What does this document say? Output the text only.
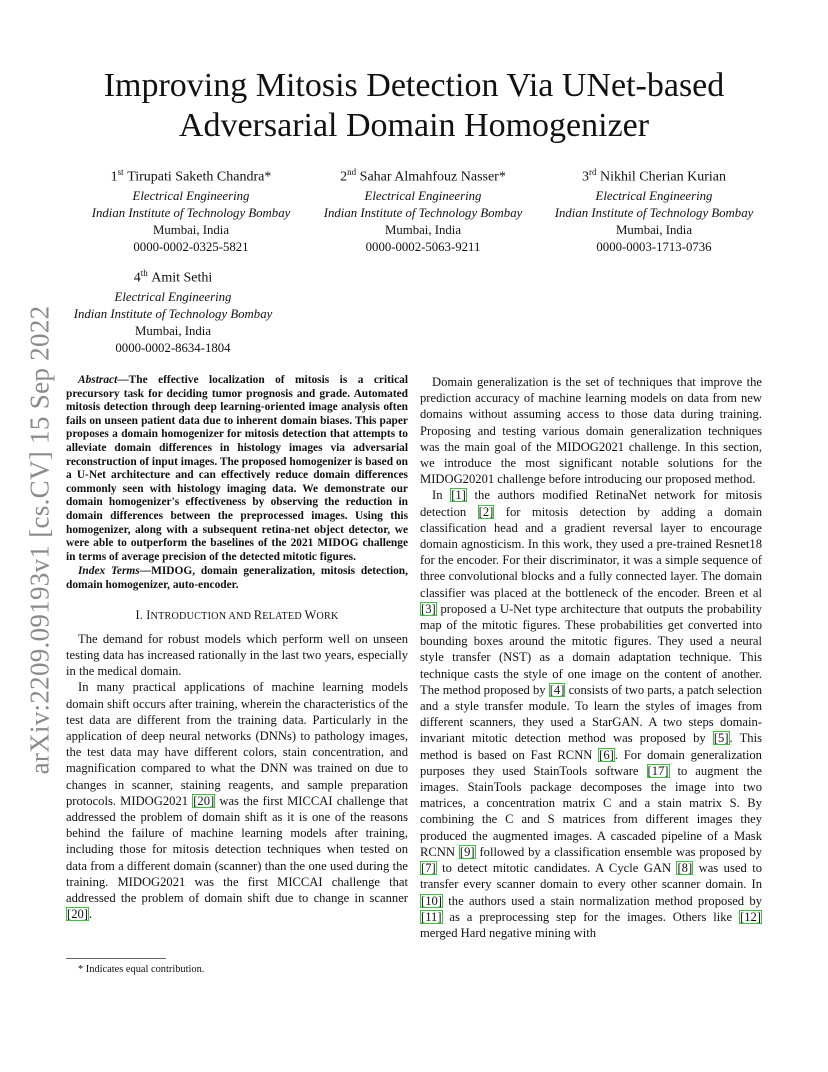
arXiv:2209.09193v1 [cs.CV] 15 Sep 2022
Improving Mitosis Detection Via UNet-based
Adversarial Domain Homogenizer
1st Tirupati Saketh Chandra*
Electrical Engineering
Indian Institute of Technology Bombay
Mumbai, India
0000-0002-0325-5821
2nd Sahar Almahfouz Nasser*
Electrical Engineering
Indian Institute of Technology Bombay
Mumbai, India
0000-0002-5063-9211
3rd Nikhil Cherian Kurian
Electrical Engineering
Indian Institute of Technology Bombay
Mumbai, India
0000-0003-1713-0736
4th Amit Sethi
Electrical Engineering
Indian Institute of Technology Bombay
Mumbai, India
0000-0002-8634-1804

Abstract—The effective localization of mitosis is a critical precursory task for deciding tumor prognosis and grade. Automated mitosis detection through deep learning-oriented image analysis often fails on unseen patient data due to inherent domain biases. This paper proposes a domain homogenizer for mitosis detection that attempts to alleviate domain differences in histology images via adversarial reconstruction of input images. The proposed homogenizer is based on a U-Net architecture and can effectively reduce domain differences commonly seen with histology imaging data. We demonstrate our domain homogenizer's effectiveness by observing the reduction in domain differences between the preprocessed images. Using this homogenizer, along with a subsequent retina-net object detector, we were able to outperform the baselines of the 2021 MIDOG challenge in terms of average precision of the detected mitotic figures.

Index Terms—MIDOG, domain generalization, mitosis detection, domain homogenizer, auto-encoder.

I. INTRODUCTION AND RELATED WORK

The demand for robust models which perform well on unseen testing data has increased rationally in the last two years, especially in the medical domain.

In many practical applications of machine learning models domain shift occurs after training, wherein the characteristics of the test data are different from the training data. Particularly in the application of deep neural networks (DNNs) to pathology images, the test data may have different colors, stain concentration, and magnification compared to what the DNN was trained on due to changes in scanner, staining reagents, and sample preparation protocols. MIDOG2021 [20] was the first MICCAI challenge that addressed the problem of domain shift as it is one of the reasons behind the failure of machine learning models after training, including those for mitosis detection techniques when tested on data from a different domain (scanner) than the one used during the training. MIDOG2021 was the first MICCAI challenge that addressed the problem of domain shift due to change in scanner [20].

* Indicates equal contribution.

Domain generalization is the set of techniques that improve the prediction accuracy of machine learning models on data from new domains without assuming access to those data during training. Proposing and testing various domain generalization techniques was the main goal of the MIDOG2021 challenge. In this section, we introduce the most significant notable solutions for the MIDOG20201 challenge before introducing our proposed method.

In [1] the authors modified RetinaNet network for mitosis detection [2] for mitosis detection by adding a domain classification head and a gradient reversal layer to encourage domain agnosticism. In this work, they used a pre-trained Resnet18 for the encoder. For their discriminator, it was a simple sequence of three convolutional blocks and a fully connected layer. The domain classifier was placed at the bottleneck of the encoder. Breen et al [3] proposed a U-Net type architecture that outputs the probability map of the mitotic figures. These probabilities get converted into bounding boxes around the mitotic figures. They used a neural style transfer (NST) as a domain adaptation technique. This technique casts the style of one image on the content of another. The method proposed by [4] consists of two parts, a patch selection and a style transfer module. To learn the styles of images from different scanners, they used a StarGAN. A two steps domain-invariant mitotic detection method was proposed by [5]. This method is based on Fast RCNN [6]. For domain generalization purposes they used StainTools software [17] to augment the images. StainTools package decomposes the image into two matrices, a concentration matrix C and a stain matrix S. By combining the C and S matrices from different images they produced the augmented images. A cascaded pipeline of a Mask RCNN [9] followed by a classification ensemble was proposed by [7] to detect mitotic candidates. A Cycle GAN [8] was used to transfer every scanner domain to every other scanner domain. In [10] the authors used a stain normalization method proposed by [11] as a preprocessing step for the images. Others like [12] merged Hard negative mining with
